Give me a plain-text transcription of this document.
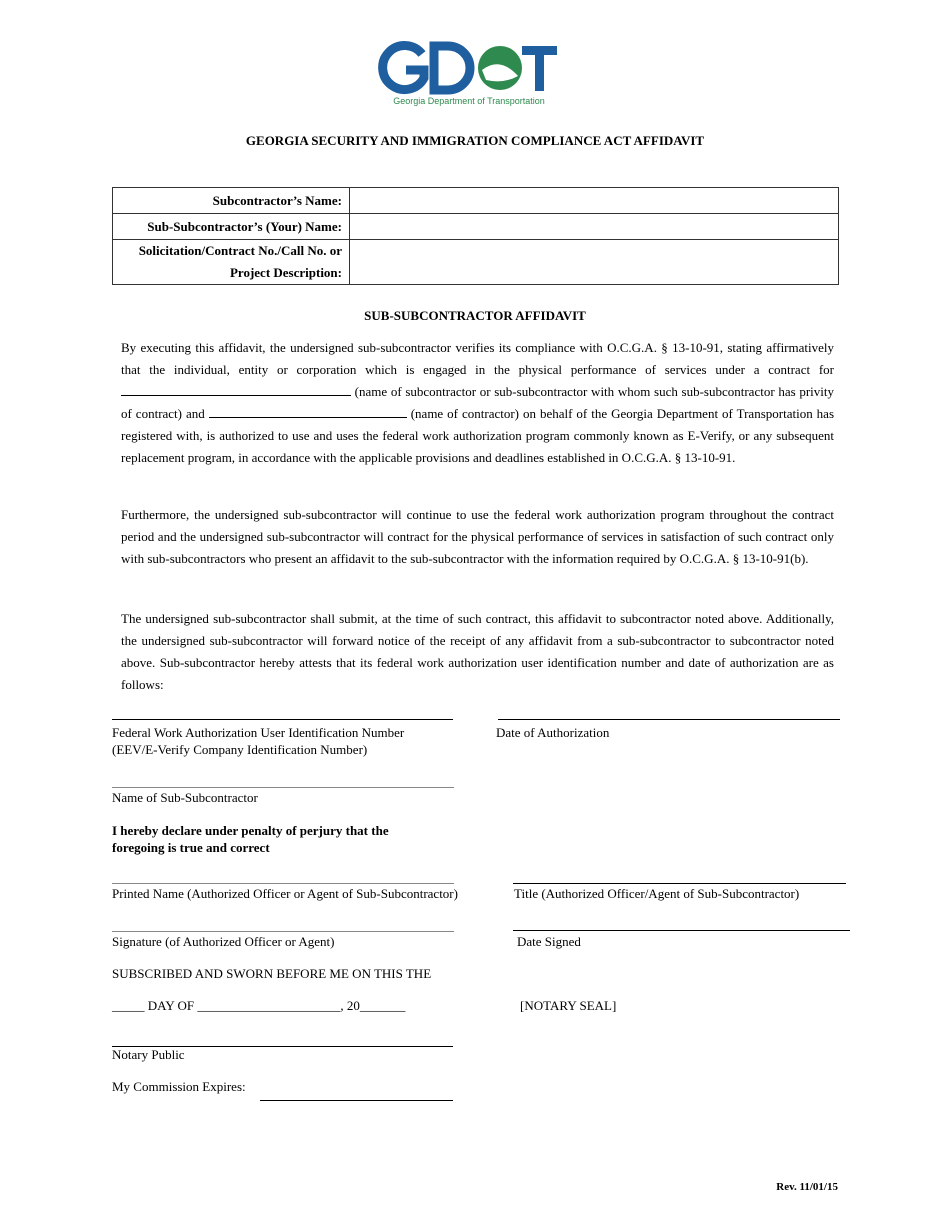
Georgia Department of Transportation
GEORGIA SECURITY AND IMMIGRATION COMPLIANCE ACT AFFIDAVIT
Subcontractor’s Name:	
Sub-Subcontractor’s (Your) Name:	
Solicitation/Contract No./Call No. or
Project Description:	
SUB-SUBCONTRACTOR AFFIDAVIT
By executing this affidavit, the undersigned sub-subcontractor verifies its compliance with O.C.G.A. § 13-10-91, stating affirmatively that the individual, entity or corporation which is engaged in the physical performance of services under a contract for  (name of subcontractor or sub-subcontractor with whom such sub-subcontractor has privity of contract) and	(name of contractor) on behalf of the Georgia Department of Transportation has registered with, is authorized to use and uses the federal work authorization program commonly known as E-Verify, or any subsequent replacement program, in accordance with the applicable provisions and deadlines established in O.C.G.A. § 13-10-91.
Furthermore, the undersigned sub-subcontractor will continue to use the federal work authorization program throughout the contract period and the undersigned sub-subcontractor will contract for the physical performance of services in satisfaction of such contract only with sub-subcontractors who present an affidavit to the sub-subcontractor with the information required by O.C.G.A. § 13-10-91(b).
The undersigned sub-subcontractor shall submit, at the time of such contract, this affidavit to subcontractor noted above. Additionally, the undersigned sub-subcontractor will forward notice of the receipt of any affidavit from a sub-subcontractor to subcontractor noted above. Sub-subcontractor hereby attests that its federal work authorization user identification number and date of authorization are as follows:
Federal Work Authorization User Identification Number
(EEV/E-Verify Company Identification Number)
Date of Authorization
Name of Sub-Subcontractor
I hereby declare under penalty of perjury that the
foregoing is true and correct
Printed Name (Authorized Officer or Agent of Sub-Subcontractor)	Title (Authorized Officer/Agent of Sub-Subcontractor)
Signature (of Authorized Officer or Agent)	Date Signed
SUBSCRIBED AND SWORN BEFORE ME ON THIS THE
_____ DAY OF ______________________, 20_______	[NOTARY SEAL]
Notary Public
My Commission Expires:
Rev. 11/01/15
